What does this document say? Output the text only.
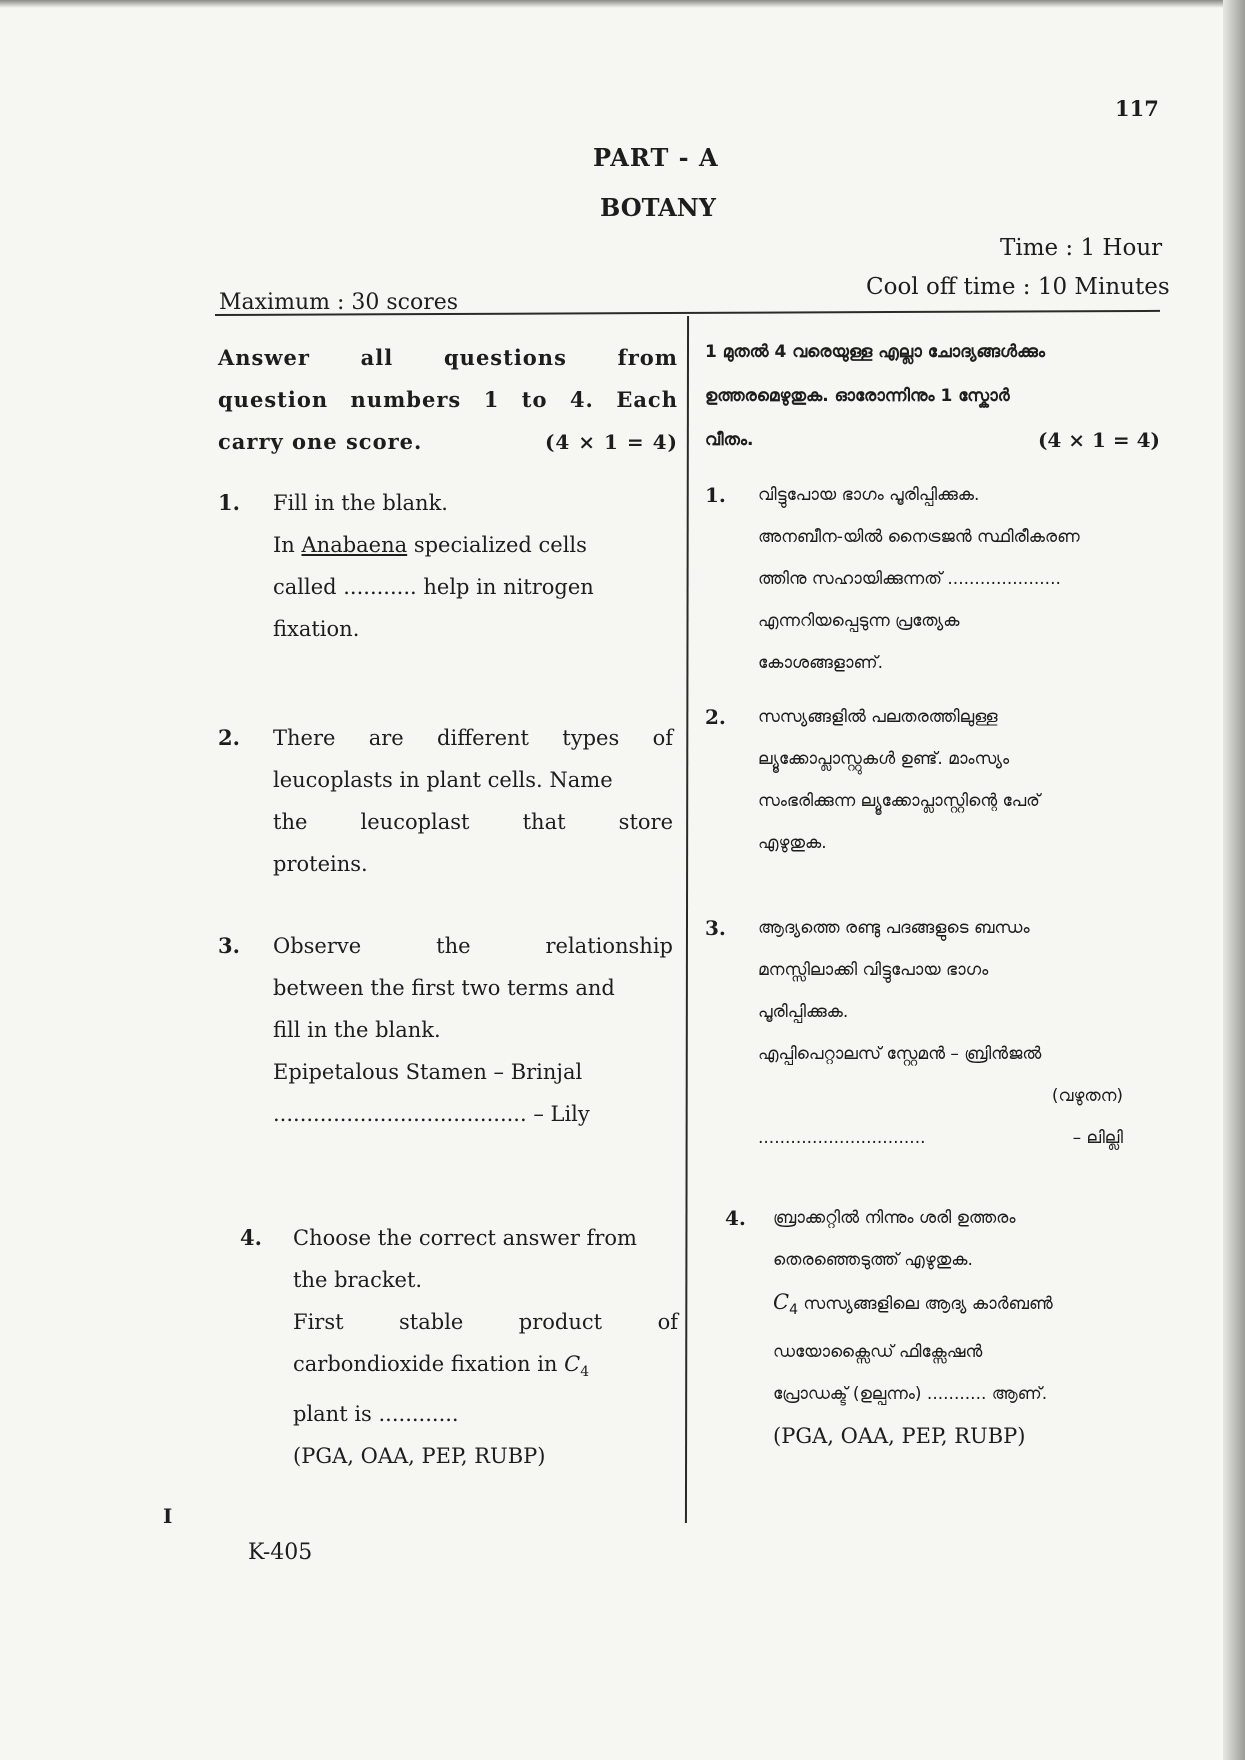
117
PART - A
BOTANY
Time : 1 Hour
Cool off time : 10 Minutes
Maximum : 30 scores
Answer all questions from
question numbers 1 to 4. Each
carry one score.	(4 × 1 = 4)
1. Fill in the blank.
In Anabaena specialized cells
called ........... help in nitrogen
fixation.
2. There are different types of
leucoplasts in plant cells. Name
the leucoplast that store
proteins.
3. Observe the relationship
between the first two terms and
fill in the blank.
Epipetalous Stamen – Brinjal
...................................... – Lily
4. Choose the correct answer from
the bracket.
First stable product of
carbondioxide fixation in $C_4$
plant is ............
(PGA, OAA, PEP, RUBP)
1 മുതൽ 4 വരെയുള്ള എല്ലാ ചോദ്യങ്ങൾക്കും
ഉത്തരമെഴുതുക. ഓരോന്നിനും 1 സ്കോർ
വീതം.	(4 × 1 = 4)
1. വിട്ടുപോയ ഭാഗം പൂരിപ്പിക്കുക.
അനബീന-യിൽ നൈട്രജൻ സ്ഥിരീകരണ
ത്തിനു സഹായിക്കുന്നത് .....................
എന്നറിയപ്പെടുന്ന പ്രത്യേക
കോശങ്ങളാണ്.
2. സസ്യങ്ങളിൽ പലതരത്തിലുള്ള
ല്യൂക്കോപ്ലാസ്റ്റുകൾ ഉണ്ട്. മാംസ്യം
സംഭരിക്കുന്ന ല്യൂക്കോപ്ലാസ്റ്റിന്റെ പേര്
എഴുതുക.
3. ആദ്യത്തെ രണ്ടു പദങ്ങളുടെ ബന്ധം
മനസ്സിലാക്കി വിട്ടുപോയ ഭാഗം
പൂരിപ്പിക്കുക.
എപ്പിപെറ്റാലസ് സ്റ്റേമൻ – ബ്രിൻജൽ
(വഴുതന)
...............................	– ലില്ലി
4. ബ്രാക്കറ്റിൽ നിന്നും ശരി ഉത്തരം
തെരഞ്ഞെടുത്ത് എഴുതുക.
$C_4$ സസ്യങ്ങളിലെ ആദ്യ കാർബൺ
ഡയോക്സൈഡ് ഫിക്സേഷൻ
പ്രോഡക്ട് (ഉല്പന്നം) ........... ആണ്.
(PGA, OAA, PEP, RUBP)
I
K-405
